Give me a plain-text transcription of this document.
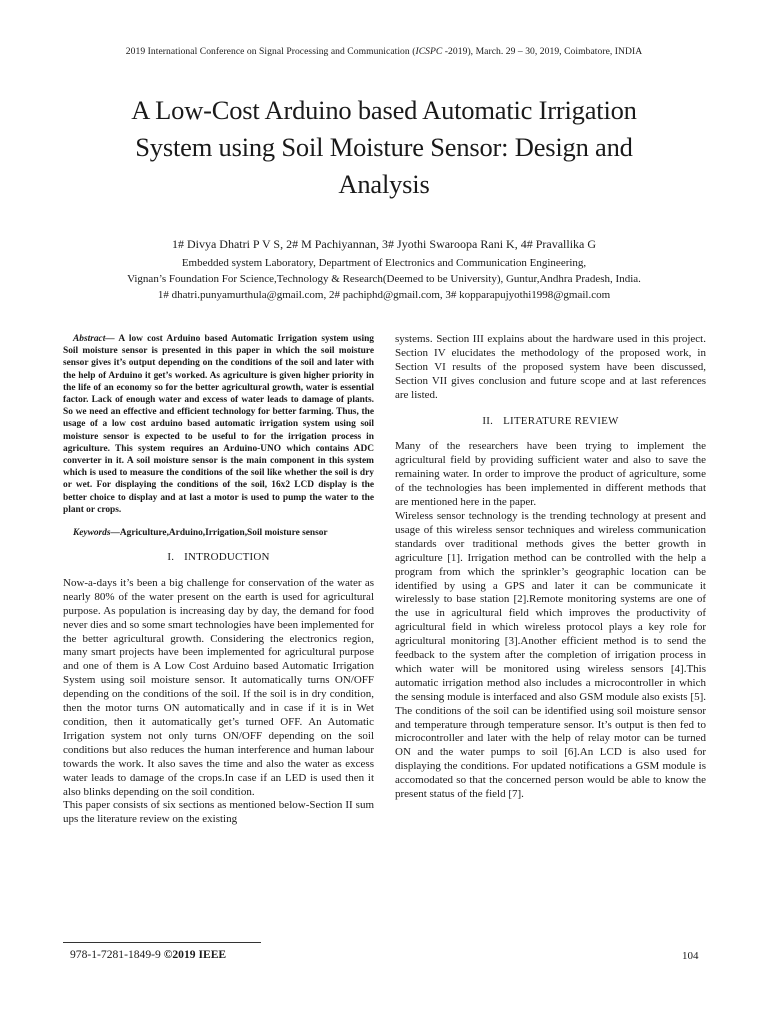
2019 International Conference on Signal Processing and Communication (ICSPC -2019), March. 29 – 30, 2019, Coimbatore, INDIA
A Low-Cost Arduino based Automatic Irrigation
System using Soil Moisture Sensor: Design and
Analysis
1# Divya Dhatri P V S, 2# M Pachiyannan, 3# Jyothi Swaroopa Rani K, 4# Pravallika G
Embedded system Laboratory, Department of Electronics and Communication Engineering,
Vignan’s Foundation For Science,Technology & Research(Deemed to be University), Guntur,Andhra Pradesh, India.
1# dhatri.punyamurthula@gmail.com, 2# pachiphd@gmail.com, 3# kopparapujyothi1998@gmail.com

Abstract— A low cost Arduino based Automatic Irrigation system using Soil moisture sensor is presented in this paper in which the soil moisture sensor gives it’s output depending on the conditions of the soil and later with the help of Arduino it get’s worked. As agriculture is given higher priority in the life of an economy so for the better agricultural growth, water is essential factor. Lack of enough water and excess of water leads to damage of plants. So we need an effective and efficient technology for better farming. Thus, the usage of a low cost arduino based automatic irrigation system using soil moisture sensor is expected to be useful to for the irrigation process in agriculture. This system requires an Arduino-UNO which contains ADC converter in it. A soil moisture sensor is the main component in this system which is used to measure the conditions of the soil like whether the soil is dry or wet. For displaying the conditions of the soil, 16x2 LCD display is the better choice to display and at last a motor is used to pump the water to the plant or crops.

Keywords—Agriculture,Arduino,Irrigation,Soil moisture sensor

I. INTRODUCTION

Now-a-days it’s been a big challenge for conservation of the water as nearly 80% of the water present on the earth is used for agricultural purpose. As population is increasing day by day, the demand for food never dies and so some smart technologies have been implemented for the better agricultural growth. Considering the electronics region, many smart projects have been implemented for agricultural purpose and one of them is A Low Cost Arduino based Automatic Irrigation System using soil moisture sensor. It automatically turns ON/OFF depending on the conditions of the soil. If the soil is in dry condition, then the motor turns ON automatically and in case if it is in Wet condition, then it automatically get’s turned OFF. An Automatic Irrigation system not only turns ON/OFF depending on the soil conditions but also reduces the human interference and human labour towards the work. It also saves the time and also the water as excess water leads to damage of the crops.In case if an LED is used then it also blinks depending on the soil condition.

This paper consists of six sections as mentioned below-Section II sum ups the literature review on the existing

systems. Section III explains about the hardware used in this project. Section IV elucidates the methodology of the proposed work, in Section VI results of the proposed system have been discussed, Section VII gives conclusion and future scope and at last references are listed.

II. LITERATURE REVIEW

Many of the researchers have been trying to implement the agricultural field by providing sufficient water and also to save the remaining water. In order to improve the product of agriculture, some of the technologies has been implemented in different methods that are mentioned here in the paper.

Wireless sensor technology is the trending technology at present and usage of this wireless sensor techniques and wireless communication standards over traditional methods gives the better growth in agriculture [1]. Irrigation method can be controlled with the help a program from which the sprinkler’s geographic location can be identified by using a GPS and later it can be communicate it wirelessly to base station [2].Remote monitoring systems are one of the use in agricultural field which improves the productivity of agricultural field in which wireless protocol plays a key role for agricultural monitoring [3].Another efficient method is to send the feedback to the system after the completion of irrigation process in which water will be monitored using wireless sensors [4].This automatic irrigation method also includes a microcontroller in which the sensing module is interfaced and also GSM module also exists [5]. The conditions of the soil can be identified using soil moisture sensor and temperature through temperature sensor. It’s output is then fed to microcontroller and later with the help of relay motor can be turned ON and the water pumps to soil [6].An LCD is also used for displaying the conditions. For updated notifications a GSM module is accomodated so that the concerned person would be able to know the present status of the field [7].

978-1-7281-1849-9 ©2019 IEEE	104
